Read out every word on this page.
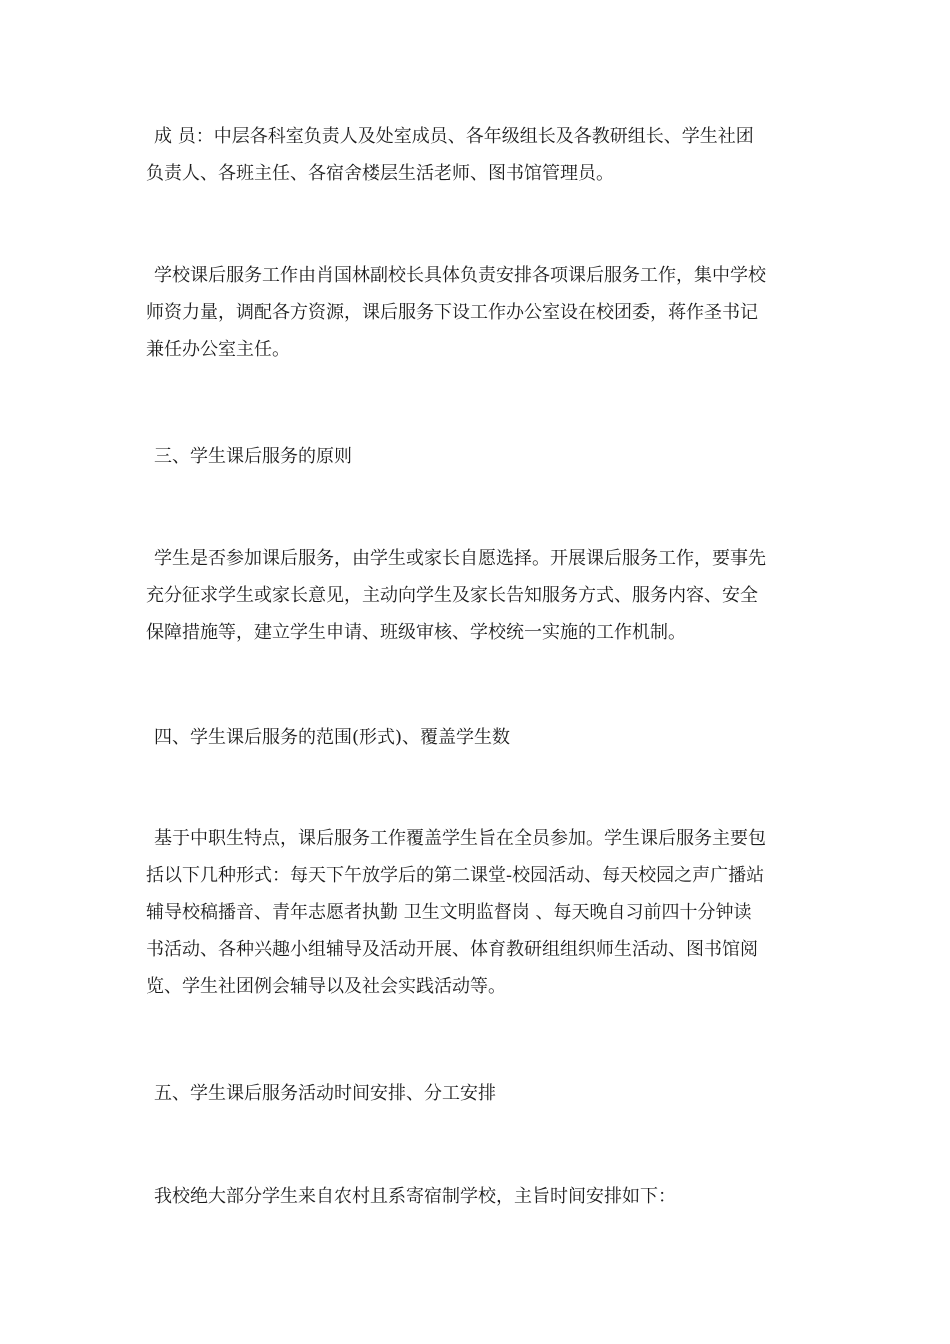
成 员：中层各科室负责人及处室成员、各年级组长及各教研组长、学生社团
负责人、各班主任、各宿舍楼层生活老师、图书馆管理员。

学校课后服务工作由肖国林副校长具体负责安排各项课后服务工作，集中学校
师资力量，调配各方资源，课后服务下设工作办公室设在校团委，蒋作圣书记
兼任办公室主任。

三、学生课后服务的原则

学生是否参加课后服务，由学生或家长自愿选择。开展课后服务工作，要事先
充分征求学生或家长意见，主动向学生及家长告知服务方式、服务内容、安全
保障措施等，建立学生申请、班级审核、学校统一实施的工作机制。

四、学生课后服务的范围(形式)、覆盖学生数

基于中职生特点，课后服务工作覆盖学生旨在全员参加。学生课后服务主要包
括以下几种形式：每天下午放学后的第二课堂-校园活动、每天校园之声广播站
辅导校稿播音、青年志愿者执勤 卫生文明监督岗 、每天晚自习前四十分钟读
书活动、各种兴趣小组辅导及活动开展、体育教研组组织师生活动、图书馆阅
览、学生社团例会辅导以及社会实践活动等。

五、学生课后服务活动时间安排、分工安排

我校绝大部分学生来自农村且系寄宿制学校，主旨时间安排如下：
